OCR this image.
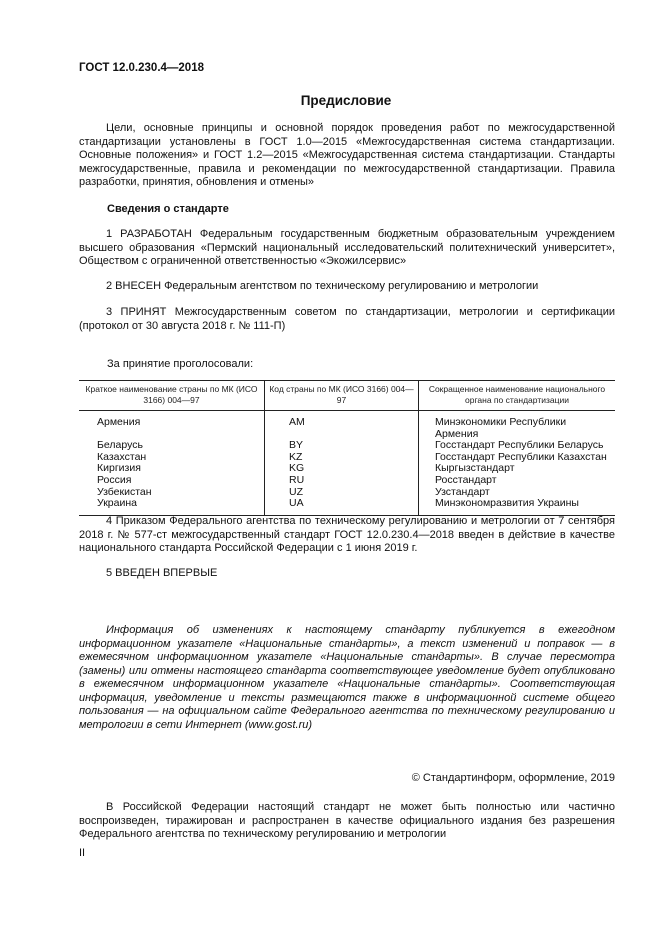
ГОСТ 12.0.230.4—2018
Предисловие
Цели, основные принципы и основной порядок проведения работ по межгосударственной стандартизации установлены в ГОСТ 1.0—2015 «Межгосударственная система стандартизации. Основные положения» и ГОСТ 1.2—2015 «Межгосударственная система стандартизации. Стандарты межгосударственные, правила и рекомендации по межгосударственной стандартизации. Правила разработки, принятия, обновления и отмены»
Сведения о стандарте
1 РАЗРАБОТАН Федеральным государственным бюджетным образовательным учреждением высшего образования «Пермский национальный исследовательский политехнический университет», Обществом с ограниченной ответственностью «Экожилсервис»
2 ВНЕСЕН Федеральным агентством по техническому регулированию и метрологии
3 ПРИНЯТ Межгосударственным советом по стандартизации, метрологии и сертификации (протокол от 30 августа 2018 г. № 111-П)
За принятие проголосовали:
Краткое наименование страны по МК (ИСО 3166) 004—97	Код страны по МК (ИСО 3166) 004—97	Сокращенное наименование национального органа по стандартизации
Армения	AM	Минэкономики Республики Армения
Беларусь	BY	Госстандарт Республики Беларусь
Казахстан	KZ	Госстандарт Республики Казахстан
Киргизия	KG	Кыргызстандарт
Россия	RU	Росстандарт
Узбекистан	UZ	Узстандарт
Украина	UA	Минэкономразвития Украины
4 Приказом Федерального агентства по техническому регулированию и метрологии от 7 сентября 2018 г. № 577-ст межгосударственный стандарт ГОСТ 12.0.230.4—2018 введен в действие в качестве национального стандарта Российской Федерации с 1 июня 2019 г.
5 ВВЕДЕН ВПЕРВЫЕ
Информация об изменениях к настоящему стандарту публикуется в ежегодном информационном указателе «Национальные стандарты», а текст изменений и поправок — в ежемесячном информационном указателе «Национальные стандарты». В случае пересмотра (замены) или отмены настоящего стандарта соответствующее уведомление будет опубликовано в ежемесячном информационном указателе «Национальные стандарты». Соответствующая информация, уведомление и тексты размещаются также в информационной системе общего пользования — на официальном сайте Федерального агентства по техническому регулированию и метрологии в сети Интернет (www.gost.ru)
© Стандартинформ, оформление, 2019
В Российской Федерации настоящий стандарт не может быть полностью или частично воспроизведен, тиражирован и распространен в качестве официального издания без разрешения Федерального агентства по техническому регулированию и метрологии
II
